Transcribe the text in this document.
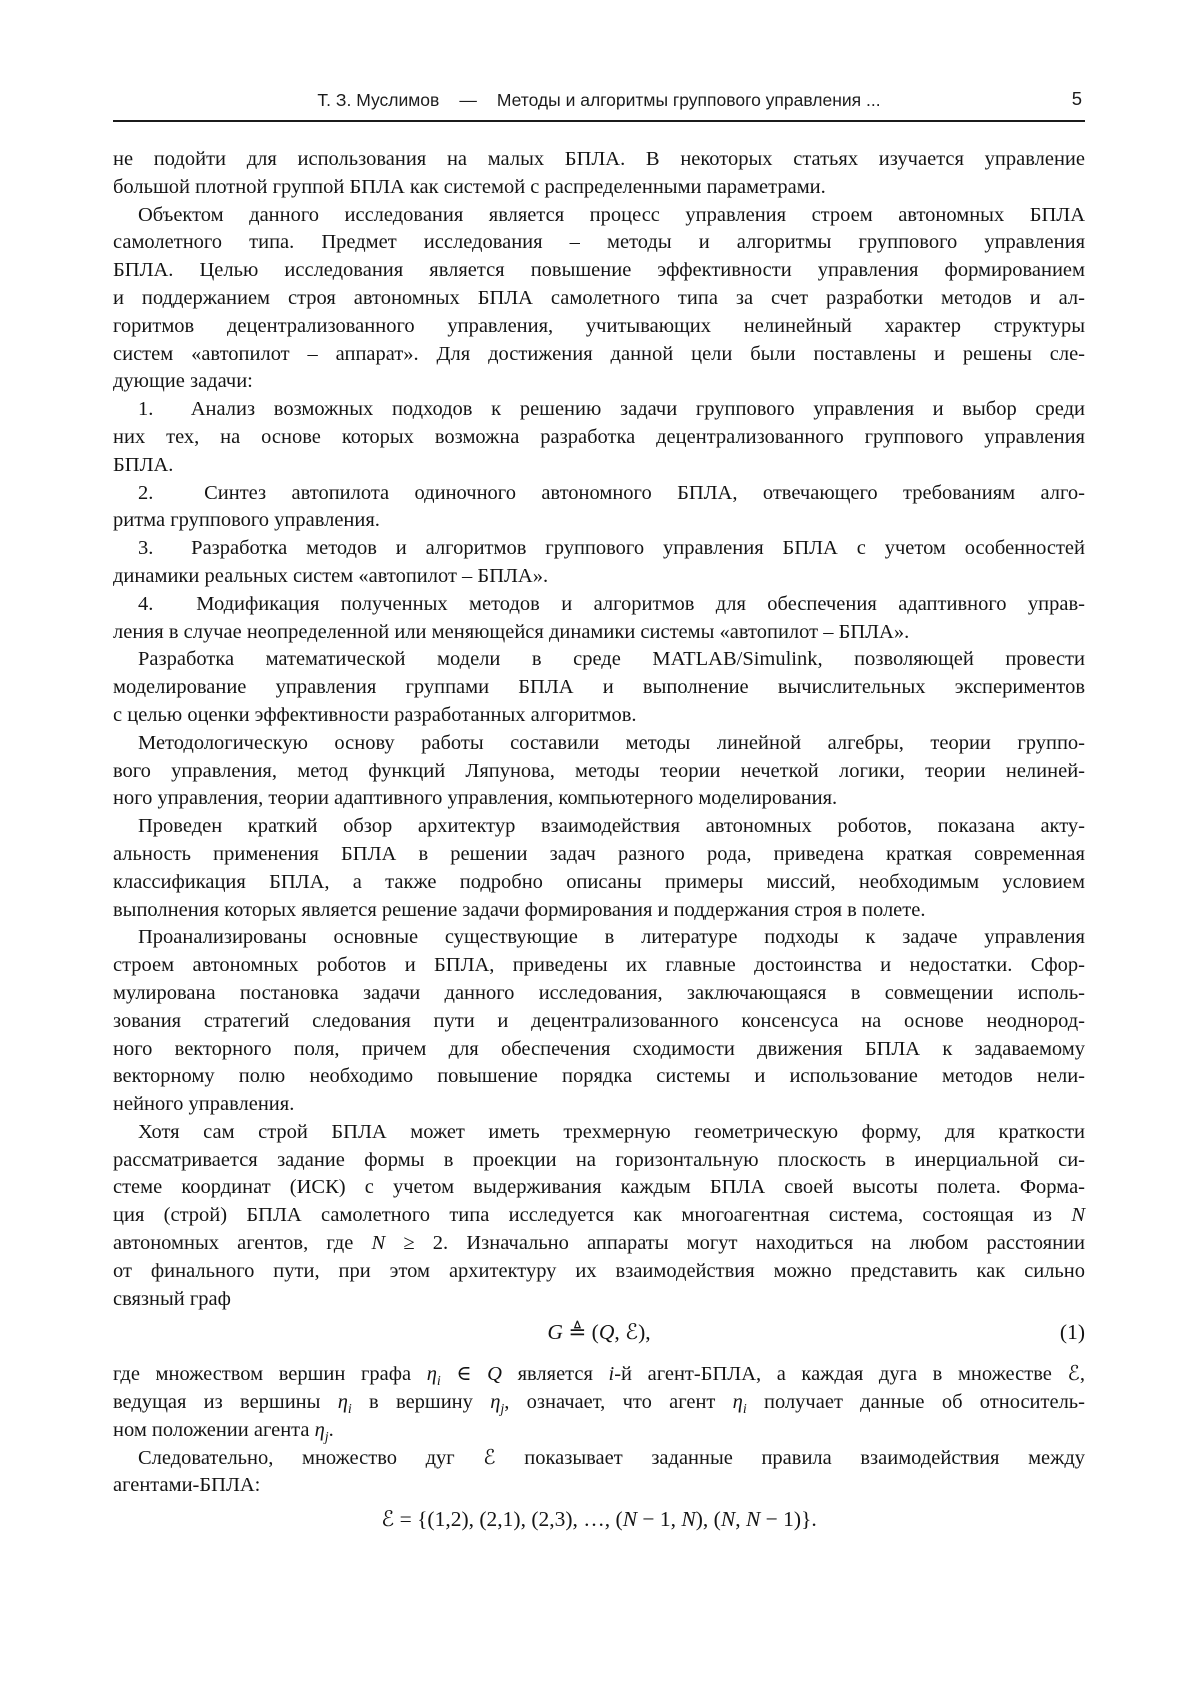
Т. З. Муслимов — Методы и алгоритмы группового управления ...	5
не подойти для использования на малых БПЛА. В некоторых статьях изучается управление
большой плотной группой БПЛА как системой с распределенными параметрами.
Объектом данного исследования является процесс управления строем автономных БПЛА
самолетного типа. Предмет исследования – методы и алгоритмы группового управления
БПЛА. Целью исследования является повышение эффективности управления формированием
и поддержанием строя автономных БПЛА самолетного типа за счет разработки методов и ал-
горитмов децентрализованного управления, учитывающих нелинейный характер структуры
систем «автопилот – аппарат». Для достижения данной цели были поставлены и решены сле-
дующие задачи:
1.  Анализ возможных подходов к решению задачи группового управления и выбор среди
них тех, на основе которых возможна разработка децентрализованного группового управления
БПЛА.
2.  Синтез автопилота одиночного автономного БПЛА, отвечающего требованиям алго-
ритма группового управления.
3.  Разработка методов и алгоритмов группового управления БПЛА с учетом особенностей
динамики реальных систем «автопилот – БПЛА».
4.  Модификация полученных методов и алгоритмов для обеспечения адаптивного управ-
ления в случае неопределенной или меняющейся динамики системы «автопилот – БПЛА».
Разработка математической модели в среде MATLAB/Simulink, позволяющей провести
моделирование управления группами БПЛА и выполнение вычислительных экспериментов
с целью оценки эффективности разработанных алгоритмов.
Методологическую основу работы составили методы линейной алгебры, теории группо-
вого управления, метод функций Ляпунова, методы теории нечеткой логики, теории нелиней-
ного управления, теории адаптивного управления, компьютерного моделирования.
Проведен краткий обзор архитектур взаимодействия автономных роботов, показана акту-
альность применения БПЛА в решении задач разного рода, приведена краткая современная
классификация БПЛА, а также подробно описаны примеры миссий, необходимым условием
выполнения которых является решение задачи формирования и поддержания строя в полете.
Проанализированы основные существующие в литературе подходы к задаче управления
строем автономных роботов и БПЛА, приведены их главные достоинства и недостатки. Сфор-
мулирована постановка задачи данного исследования, заключающаяся в совмещении исполь-
зования стратегий следования пути и децентрализованного консенсуса на основе неоднород-
ного векторного поля, причем для обеспечения сходимости движения БПЛА к задаваемому
векторному полю необходимо повышение порядка системы и использование методов нели-
нейного управления.
Хотя сам строй БПЛА может иметь трехмерную геометрическую форму, для краткости
рассматривается задание формы в проекции на горизонтальную плоскость в инерциальной си-
стеме координат (ИСК) с учетом выдерживания каждым БПЛА своей высоты полета. Форма-
ция (строй) БПЛА самолетного типа исследуется как многоагентная система, состоящая из N
автономных агентов, где N ≥ 2. Изначально аппараты могут находиться на любом расстоянии
от финального пути, при этом архитектуру их взаимодействия можно представить как сильно
связный граф
G ≜ (Q, ℰ),	(1)
где множеством вершин графа $\eta_i$ ∈ Q является i-й агент-БПЛА, а каждая дуга в множестве ℰ,
ведущая из вершины $\eta_i$ в вершину $\eta_j$, означает, что агент $\eta_i$ получает данные об относитель-
ном положении агента $\eta_j$.
Следовательно, множество дуг ℰ показывает заданные правила взаимодействия между
агентами-БПЛА:
ℰ = {(1,2), (2,1), (2,3), …, (N − 1, N), (N, N − 1)}.
